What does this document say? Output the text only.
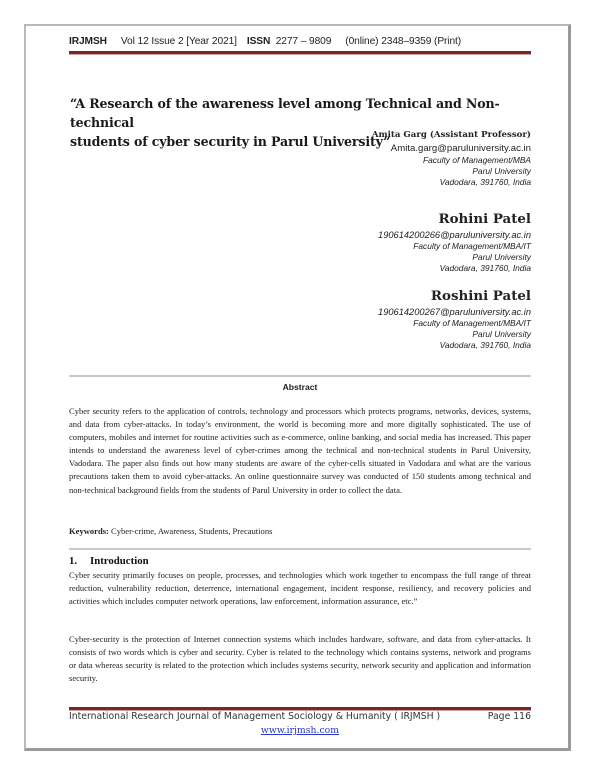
IRJMSH Vol 12 Issue 2 [Year 2021] ISSN 2277 – 9809 (0nline) 2348–9359 (Print)
“A Research of the awareness level among Technical and Non-technical
students of cyber security in Parul University”
Amita Garg (Assistant Professor)
Amita.garg@paruluniversity.ac.in
Faculty of Management/MBA
Parul University
Vadodara, 391760, India
Rohini Patel
190614200266@paruluniversity.ac.in
Faculty of Management/MBA/IT
Parul University
Vadodara, 391760, India
Roshini Patel
190614200267@paruluniversity.ac.in
Faculty of Management/MBA/IT
Parul University
Vadodara, 391760, India
Abstract
Cyber security refers to the application of controls, technology and processors which protects programs, networks, devices, systems, and data from cyber-attacks. In today’s environment, the world is becoming more and more digitally sophisticated. The use of computers, mobiles and internet for routine activities such as e-commerce, online banking, and social media has increased. This paper intends to understand the awareness level of cyber-crimes among the technical and non-technical students in Parul University, Vadodara. The paper also finds out how many students are aware of the cyber-cells situated in Vadodara and what are the various precautions taken them to avoid cyber-attacks. An online questionnaire survey was conducted of 150 students among technical and non-technical background fields from the students of Parul University in order to collect the data.
Keywords: Cyber-crime, Awareness, Students, Precautions
1. Introduction
Cyber security primarily focuses on people, processes, and technologies which work together to encompass the full range of threat reduction, vulnerability reduction, deterrence, international engagement, incident response, resiliency, and recovery policies and activities which includes computer network operations, law enforcement, information assurance, etc.”
Cyber-security is the protection of Internet connection systems which includes hardware, software, and data from cyber-attacks. It consists of two words which is cyber and security. Cyber is related to the technology which contains systems, network and programs or data whereas security is related to the protection which includes systems security, network security and application and information security.
International Research Journal of Management Sociology & Humanity ( IRJMSH )	Page 116
www.irjmsh.com
